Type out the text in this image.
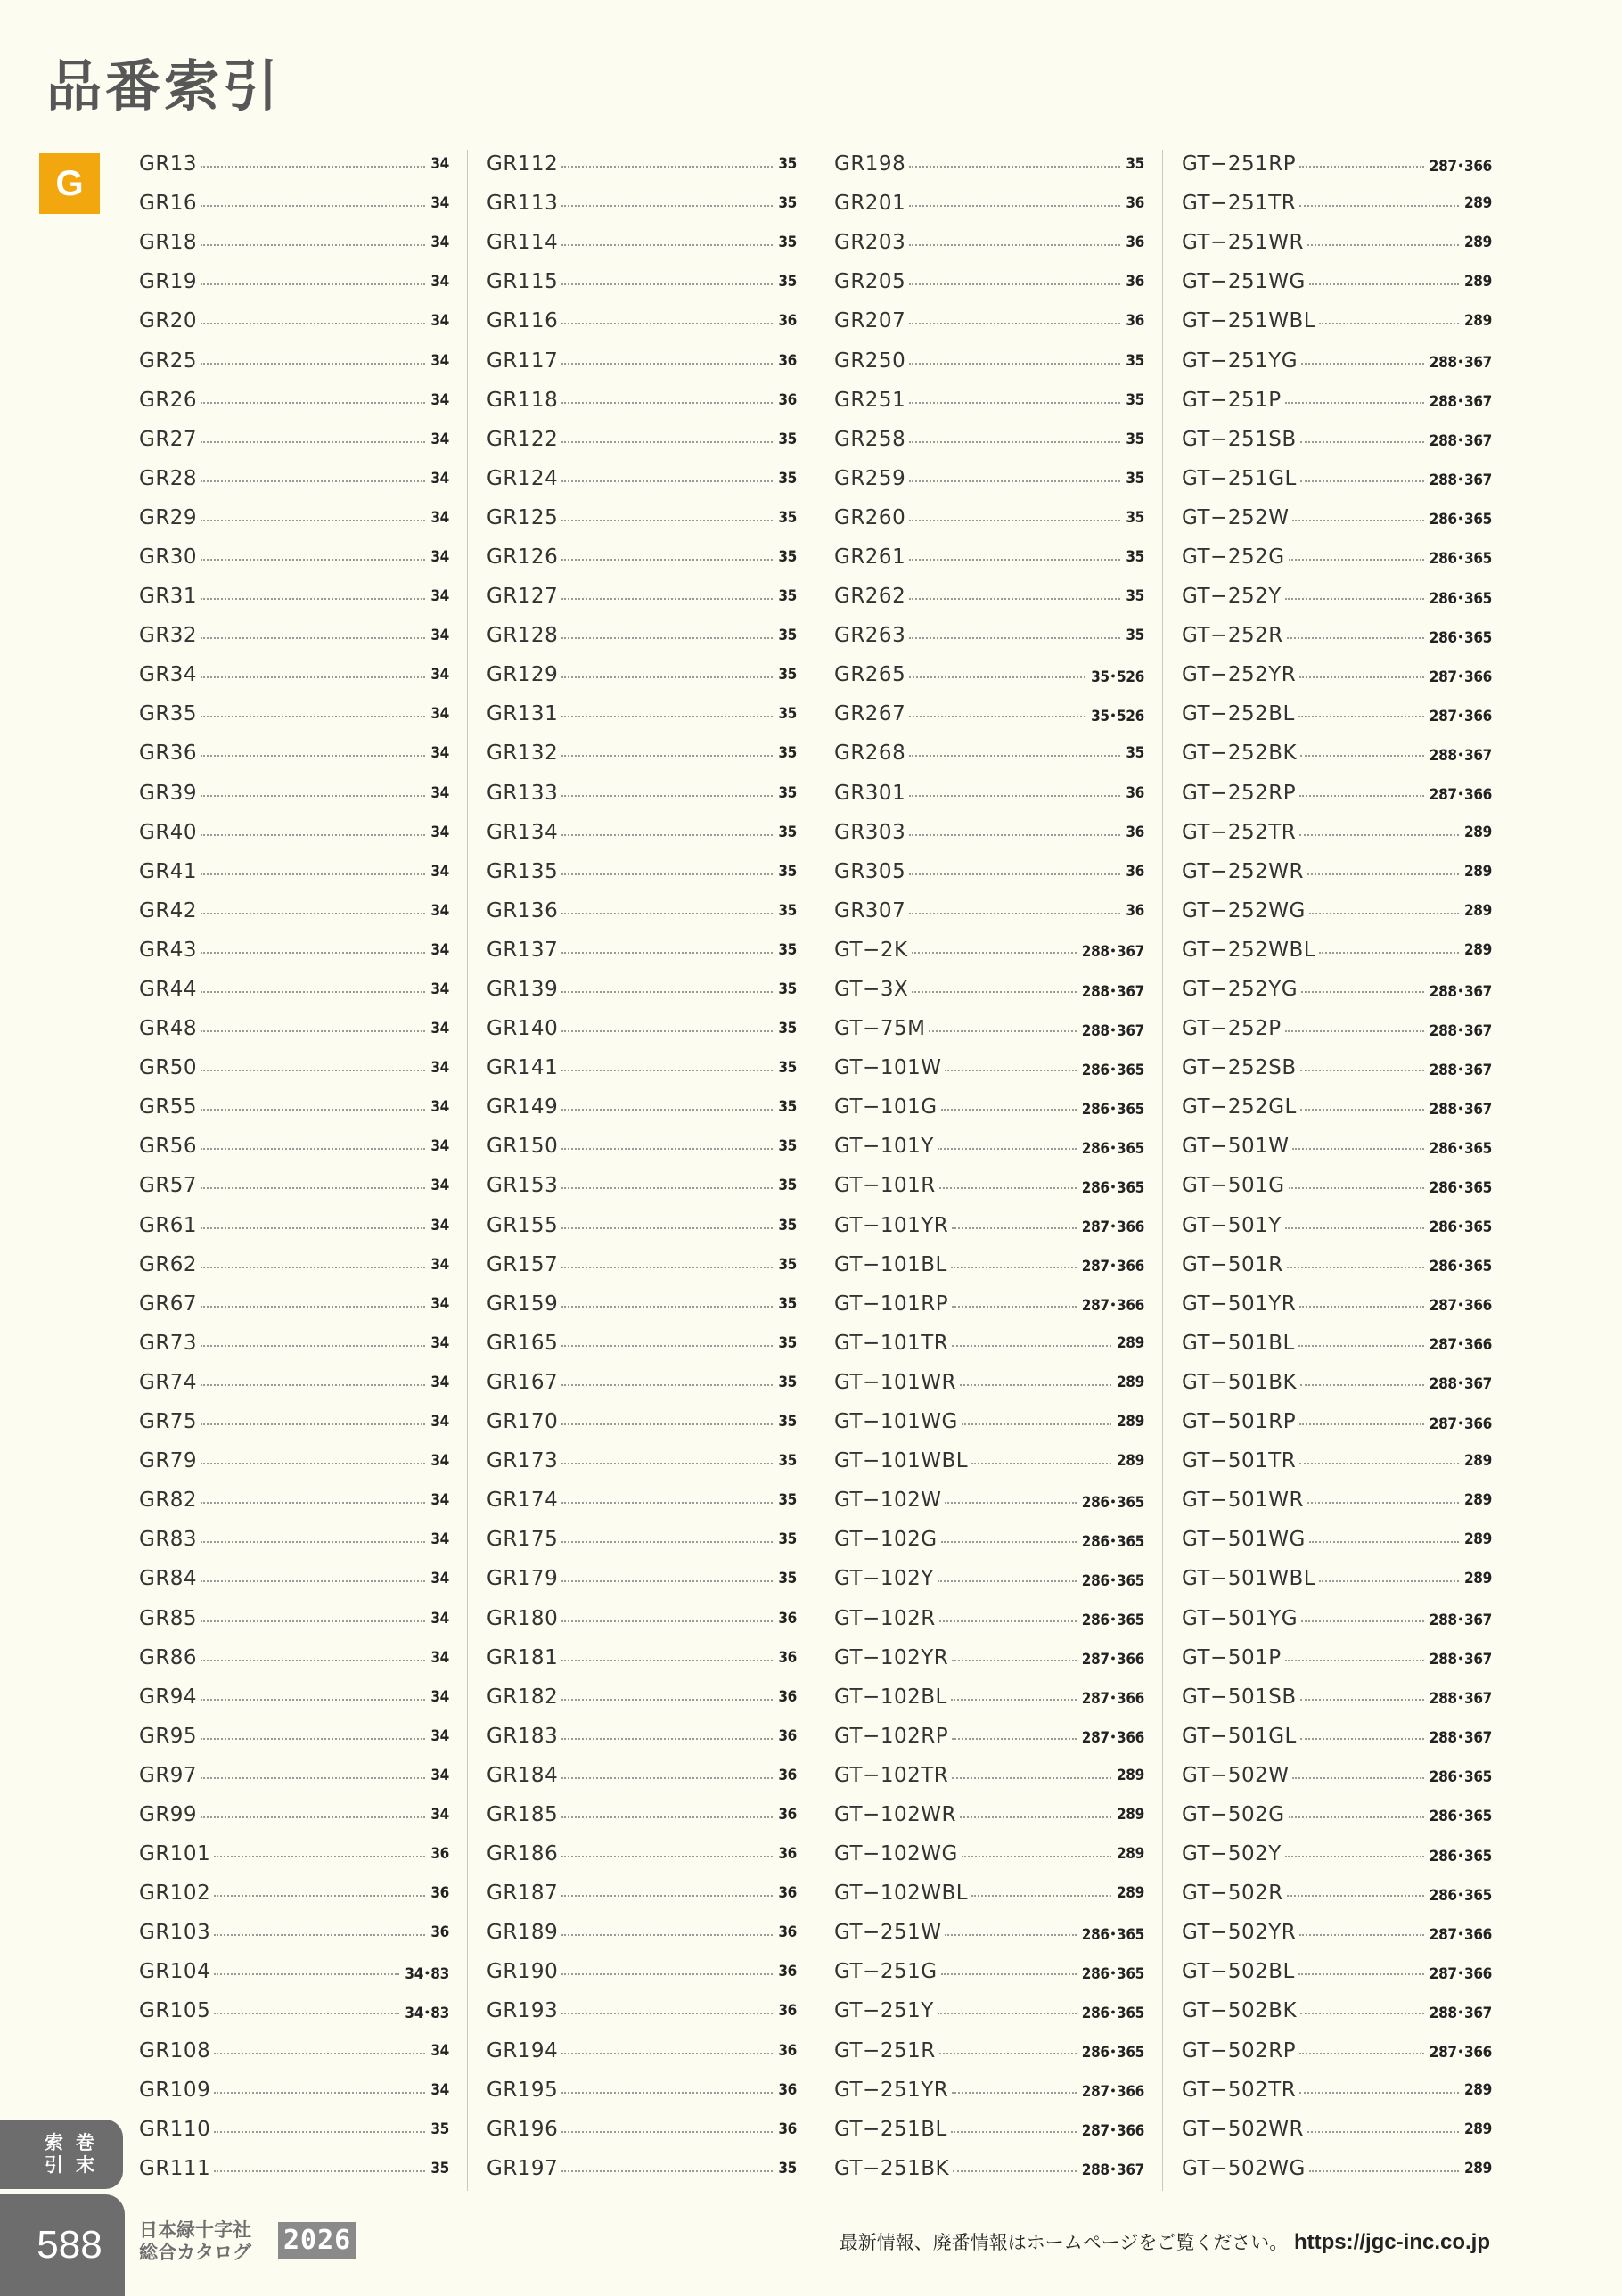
品番索引
G	GR13	34
GR16	34
GR18	34
GR19	34
GR20	34
GR25	34
GR26	34
GR27	34
GR28	34
GR29	34
GR30	34
GR31	34
GR32	34
GR34	34
GR35	34
GR36	34
GR39	34
GR40	34
GR41	34
GR42	34
GR43	34
GR44	34
GR48	34
GR50	34
GR55	34
GR56	34
GR57	34
GR61	34
GR62	34
GR67	34
GR73	34
GR74	34
GR75	34
GR79	34
GR82	34
GR83	34
GR84	34
GR85	34
GR86	34
GR94	34
GR95	34
GR97	34
GR99	34
GR101	36
GR102	36
GR103	36
GR104	34･83
GR105	34･83
GR108	34
GR109	34
GR110	35
GR111	35
GR112	35
GR113	35
GR114	35
GR115	35
GR116	36
GR117	36
GR118	36
GR122	35
GR124	35
GR125	35
GR126	35
GR127	35
GR128	35
GR129	35
GR131	35
GR132	35
GR133	35
GR134	35
GR135	35
GR136	35
GR137	35
GR139	35
GR140	35
GR141	35
GR149	35
GR150	35
GR153	35
GR155	35
GR157	35
GR159	35
GR165	35
GR167	35
GR170	35
GR173	35
GR174	35
GR175	35
GR179	35
GR180	36
GR181	36
GR182	36
GR183	36
GR184	36
GR185	36
GR186	36
GR187	36
GR189	36
GR190	36
GR193	36
GR194	36
GR195	36
GR196	36
GR197	35
GR198	35
GR201	36
GR203	36
GR205	36
GR207	36
GR250	35
GR251	35
GR258	35
GR259	35
GR260	35
GR261	35
GR262	35
GR263	35
GR265	35･526
GR267	35･526
GR268	35
GR301	36
GR303	36
GR305	36
GR307	36
GT−2K	288･367
GT−3X	288･367
GT−75M	288･367
GT−101W	286･365
GT−101G	286･365
GT−101Y	286･365
GT−101R	286･365
GT−101YR	287･366
GT−101BL	287･366
GT−101RP	287･366
GT−101TR	289
GT−101WR	289
GT−101WG	289
GT−101WBL	289
GT−102W	286･365
GT−102G	286･365
GT−102Y	286･365
GT−102R	286･365
GT−102YR	287･366
GT−102BL	287･366
GT−102RP	287･366
GT−102TR	289
GT−102WR	289
GT−102WG	289
GT−102WBL	289
GT−251W	286･365
GT−251G	286･365
GT−251Y	286･365
GT−251R	286･365
GT−251YR	287･366
GT−251BL	287･366
GT−251BK	288･367
GT−251RP	287･366
GT−251TR	289
GT−251WR	289
GT−251WG	289
GT−251WBL	289
GT−251YG	288･367
GT−251P	288･367
GT−251SB	288･367
GT−251GL	288･367
GT−252W	286･365
GT−252G	286･365
GT−252Y	286･365
GT−252R	286･365
GT−252YR	287･366
GT−252BL	287･366
GT−252BK	288･367
GT−252RP	287･366
GT−252TR	289
GT−252WR	289
GT−252WG	289
GT−252WBL	289
GT−252YG	288･367
GT−252P	288･367
GT−252SB	288･367
GT−252GL	288･367
GT−501W	286･365
GT−501G	286･365
GT−501Y	286･365
GT−501R	286･365
GT−501YR	287･366
GT−501BL	287･366
GT−501BK	288･367
GT−501RP	287･366
GT−501TR	289
GT−501WR	289
GT−501WG	289
GT−501WBL	289
GT−501YG	288･367
GT−501P	288･367
GT−501SB	288･367
GT−501GL	288･367
GT−502W	286･365
GT−502G	286･365
GT−502Y	286･365
GT−502R	286･365
GT−502YR	287･366
GT−502BL	287･366
GT−502BK	288･367
GT−502RP	287･366
GT−502TR	289
GT−502WR	289
GT−502WG	289
索
引
巻
末
588	日本緑十字社
総合カタログ 2026	最新情報、廃番情報はホームページをご覧ください。 https://jgc-inc.co.jp
